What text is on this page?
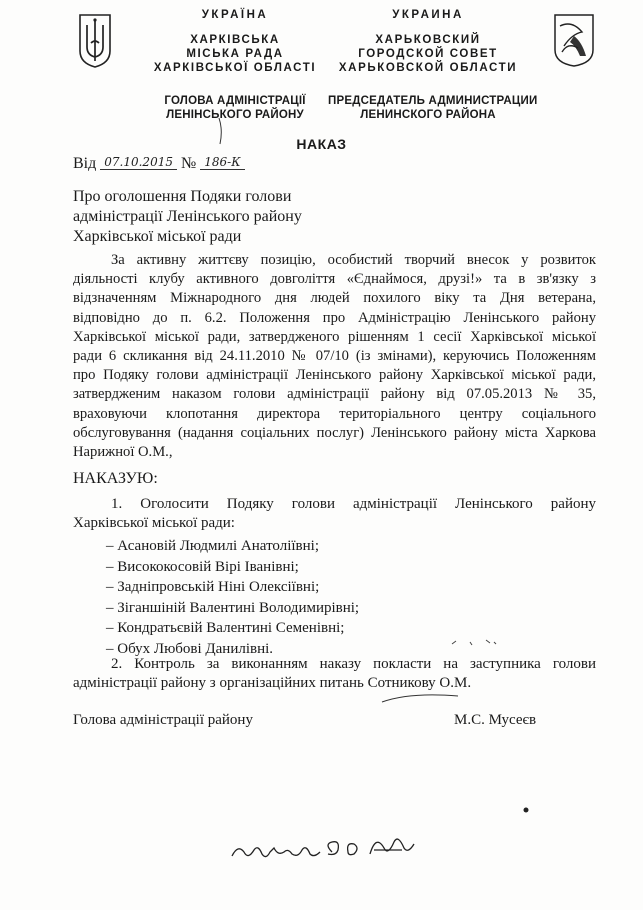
УКРАЇНА
ХАРКІВСЬКА
МІСЬКА РАДА
ХАРКІВСЬКОЇ ОБЛАСТІ
ГОЛОВА АДМІНІСТРАЦІЇ
ЛЕНІНСЬКОГО РАЙОНУ
УКРАИНА
ХАРЬКОВСКИЙ
ГОРОДСКОЙ СОВЕТ
ХАРЬКОВСКОЙ ОБЛАСТИ
ПРЕДСЕДАТЕЛЬ АДМИНИСТРАЦИИ
ЛЕНИНСКОГО РАЙОНА
НАКАЗ
Від 07.10.2015 № 186-К
Про оголошення Подяки голови
адміністрації Ленінського району
Харківської міської ради
За активну життєву позицію, особистий творчий внесок у розвиток
діяльності клубу активного довголіття «Єднаймося, друзі!» та в зв'язку з
відзначенням Міжнародного дня людей похилого віку та Дня ветерана,
відповідно до п. 6.2. Положення про Адміністрацію Ленінського району
Харківської міської ради, затвердженого рішенням 1 сесії Харківської міської
ради 6 скликання від 24.11.2010 № 07/10 (із змінами), керуючись Положенням
про Подяку голови адміністрації Ленінського району Харківської міської ради,
затвердженим наказом голови адміністрації району від 07.05.2013 № 35,
враховуючи клопотання директора територіального центру соціального
обслуговування (надання соціальних послуг) Ленінського району міста Харкова
Нарижної О.М.,
НАКАЗУЮ:
1. Оголосити Подяку голови адміністрації Ленінського району
Харківської міської ради:
– Асановій Людмилі Анатоліївні;
– Висококосовій Вірі Іванівні;
– Задніпровській Ніні Олексіївні;
– Зіганшіній Валентині Володимирівні;
– Кондратьєвій Валентині Семенівні;
– Обух Любові Данилівні.
2. Контроль за виконанням наказу покласти на заступника голови
адміністрації району з організаційних питань Сотникову О.М.
Голова адміністрації району	М.С. Мусеєв
